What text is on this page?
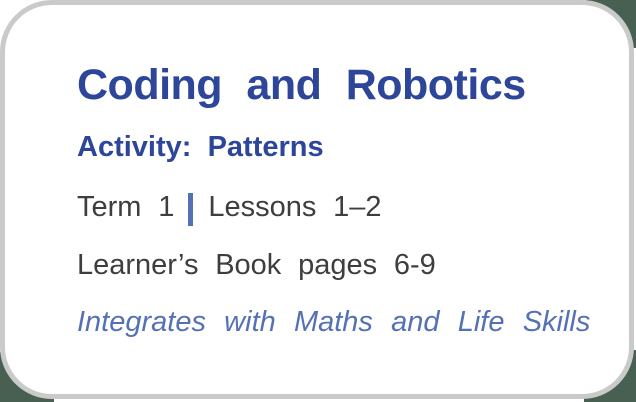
Coding and Robotics
Activity: Patterns
Term 1 Lessons 1–2
Learner’s Book pages 6-9
Integrates with Maths and Life Skills
